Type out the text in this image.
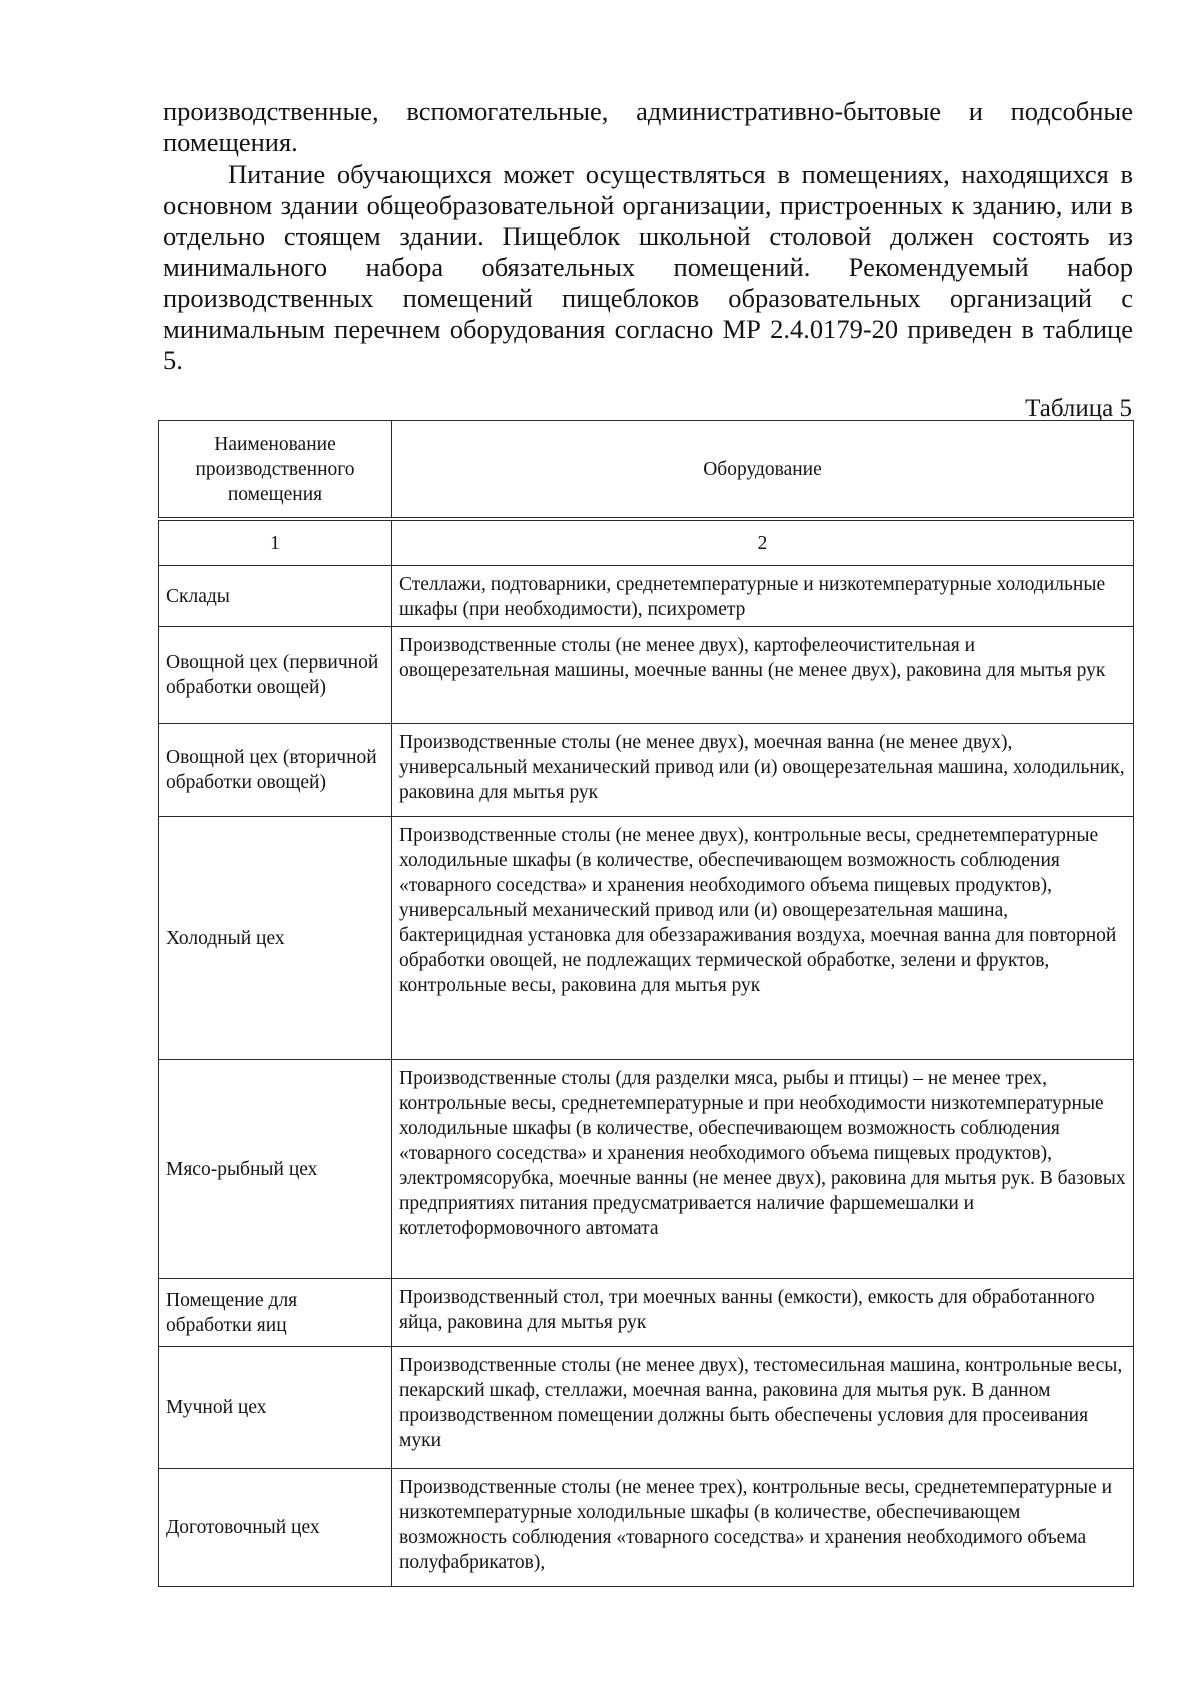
производственные, вспомогательные, административно-бытовые и подсобные помещения.

Питание обучающихся может осуществляться в помещениях, находящихся в основном здании общеобразовательной организации, пристроенных к зданию, или в отдельно стоящем здании. Пищеблок школьной столовой должен состоять из минимального набора обязательных помещений. Рекомендуемый набор производственных помещений пищеблоков образовательных организаций с минимальным перечнем оборудования согласно МР 2.4.0179-20 приведен в таблице 5.

Таблица 5

Наименование производственного помещения	Оборудование

1	2
Склады	Стеллажи, подтоварники, среднетемпературные и низкотемпературные холодильные шкафы (при необходимости), психрометр
Овощной цех (первичной обработки овощей)	Производственные столы (не менее двух), картофелеочистительная и овощерезательная машины, моечные ванны (не менее двух), раковина для мытья рук
Овощной цех (вторичной обработки овощей)	Производственные столы (не менее двух), моечная ванна (не менее двух), универсальный механический привод или (и) овощерезательная машина, холодильник, раковина для мытья рук
Холодный цех	Производственные столы (не менее двух), контрольные весы, среднетемпературные холодильные шкафы (в количестве, обеспечивающем возможность соблюдения «товарного соседства» и хранения необходимого объема пищевых продуктов), универсальный механический привод или (и) овощерезательная машина, бактерицидная установка для обеззараживания воздуха, моечная ванна для повторной обработки овощей, не подлежащих термической обработке, зелени и фруктов, контрольные весы, раковина для мытья рук
Мясо-рыбный цех	Производственные столы (для разделки мяса, рыбы и птицы) – не менее трех, контрольные весы, среднетемпературные и при необходимости низкотемпературные холодильные шкафы (в количестве, обеспечивающем возможность соблюдения «товарного соседства» и хранения необходимого объема пищевых продуктов), электромясорубка, моечные ванны (не менее двух), раковина для мытья рук. В базовых предприятиях питания предусматривается наличие фаршемешалки и котлетоформовочного автомата
Помещение для обработки яиц	Производственный стол, три моечных ванны (емкости), емкость для обработанного яйца, раковина для мытья рук
Мучной цех	Производственные столы (не менее двух), тестомесильная машина, контрольные весы, пекарский шкаф, стеллажи, моечная ванна, раковина для мытья рук. В данном производственном помещении должны быть обеспечены условия для просеивания муки
Доготовочный цех	Производственные столы (не менее трех), контрольные весы, среднетемпературные и низкотемпературные холодильные шкафы (в количестве, обеспечивающем возможность соблюдения «товарного соседства» и хранения необходимого объема полуфабрикатов),
